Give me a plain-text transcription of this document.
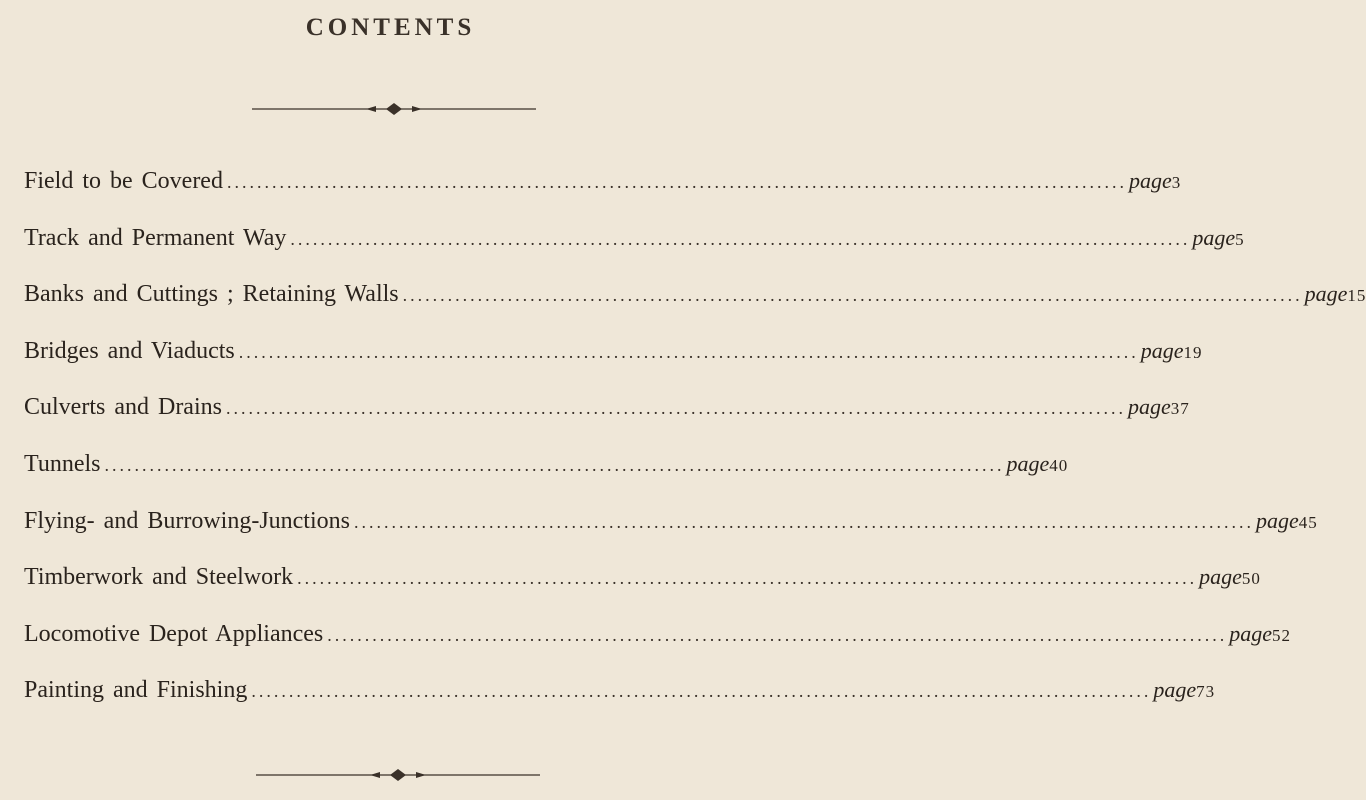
CONTENTS
Field to be Covered ........................................................................................................................ page 3
Track and Permanent Way ........................................................................................................................ page 5
Banks and Cuttings ; Retaining Walls ........................................................................................................................ page 15
Bridges and Viaducts ........................................................................................................................ page 19
Culverts and Drains ........................................................................................................................ page 37
Tunnels ........................................................................................................................ page 40
Flying- and Burrowing-Junctions ........................................................................................................................ page 45
Timberwork and Steelwork ........................................................................................................................ page 50
Locomotive Depot Appliances ........................................................................................................................ page 52
Painting and Finishing ........................................................................................................................ page 73
